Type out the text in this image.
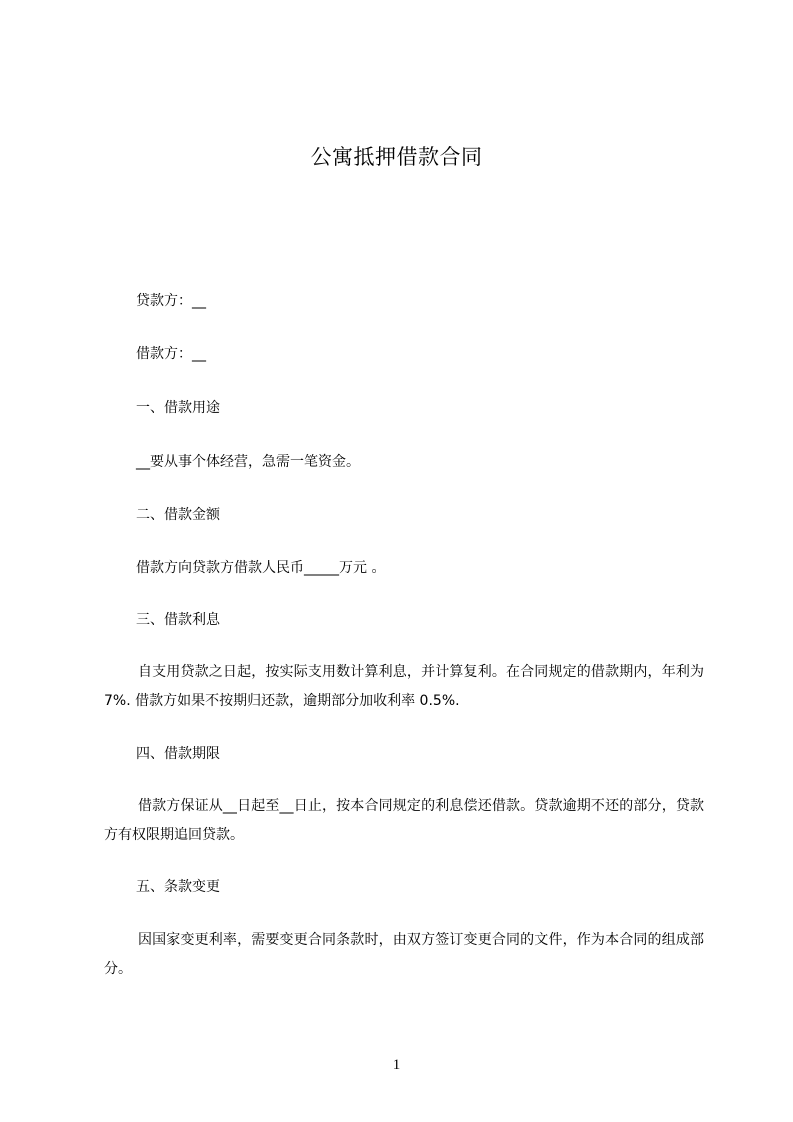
公寓抵押借款合同
贷款方：__
借款方：__
一、借款用途
__要从事个体经营，急需一笔资金。
二、借款金额
借款方向贷款方借款人民币_____万元 。
三、借款利息
自支用贷款之日起，按实际支用数计算利息，并计算复利。在合同规定的借款期内，年利为 7%. 借款方如果不按期归还款，逾期部分加收利率 0.5%.
四、借款期限
借款方保证从__日起至__日止，按本合同规定的利息偿还借款。贷款逾期不还的部分，贷款方有权限期追回贷款。
五、条款变更
因国家变更利率，需要变更合同条款时，由双方签订变更合同的文件，作为本合同的组成部分。
1
